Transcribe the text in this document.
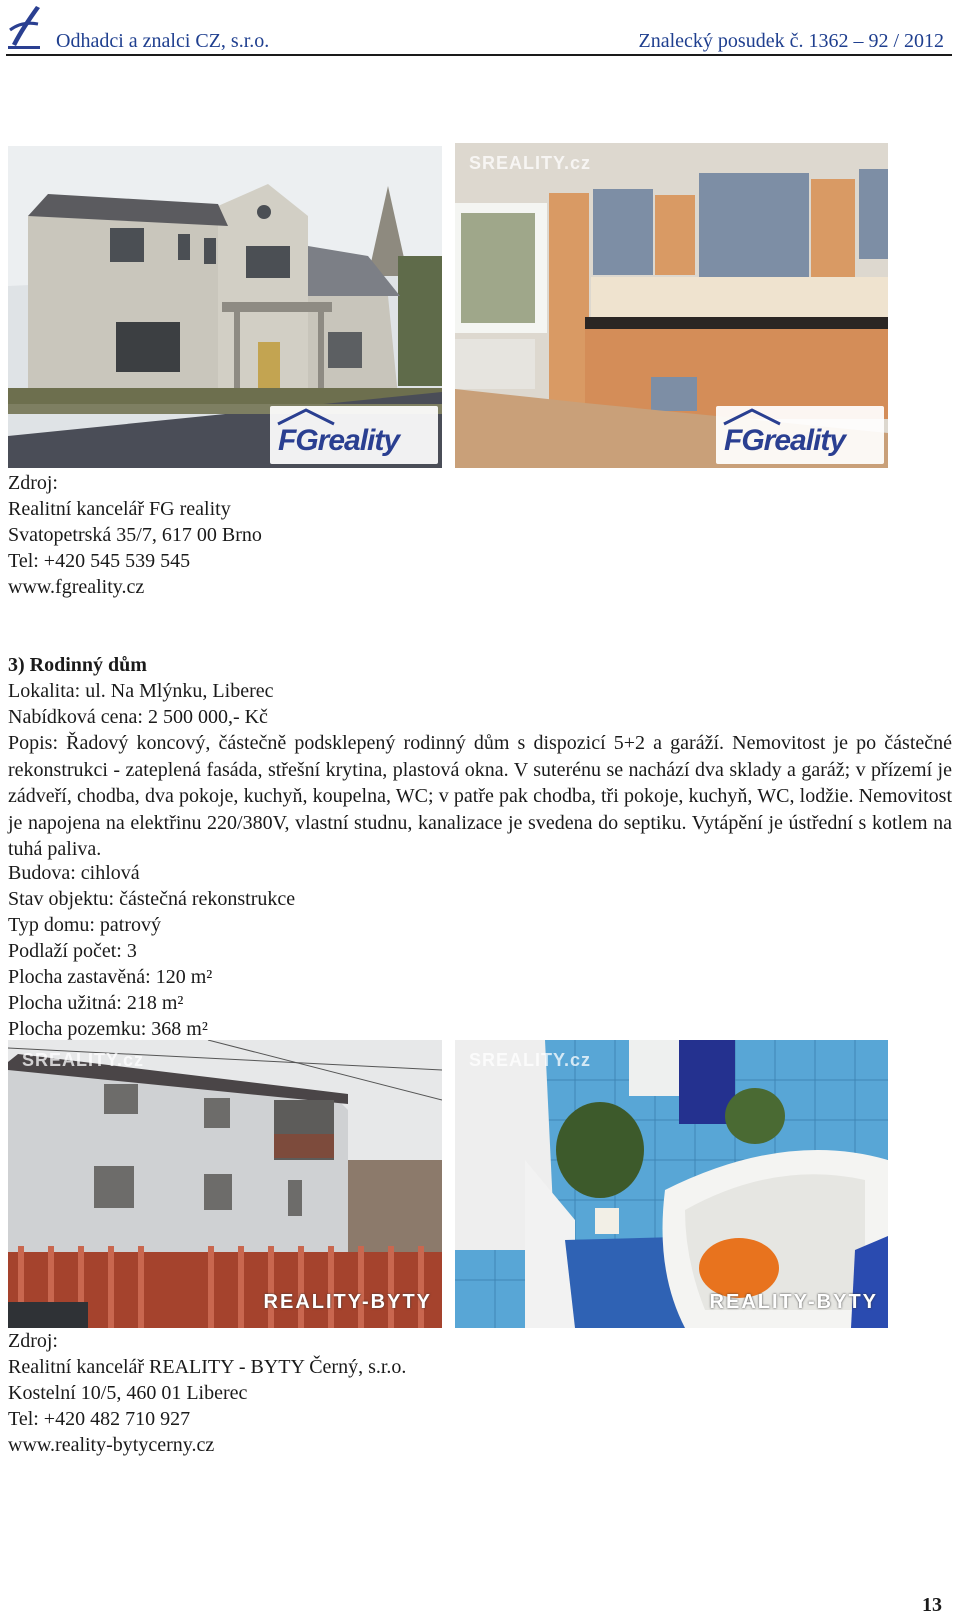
Odhadci a znalci CZ, s.r.o.	Znalecký posudek č. 1362 – 92 / 2012
FGreality
SREALITY.cz
FGreality
Zdroj:
Realitní kancelář FG reality
Svatopetrská 35/7, 617 00 Brno
Tel: +420 545 539 545
www.fgreality.cz
3) Rodinný dům
Lokalita: ul. Na Mlýnku, Liberec
Nabídková cena: 2 500 000,- Kč
Popis: Řadový koncový, částečně podsklepený rodinný dům s dispozicí 5+2 a garáží. Nemovitost je po částečné rekonstrukci - zateplená fasáda, střešní krytina, plastová okna. V suterénu se nachází dva sklady a garáž; v přízemí je zádveří, chodba, dva pokoje, kuchyň, koupelna, WC; v patře pak chodba, tři pokoje, kuchyň, WC, lodžie. Nemovitost je napojena na elektřinu 220/380V, vlastní studnu, kanalizace je svedena do septiku. Vytápění je ústřední s kotlem na tuhá paliva.
Budova: cihlová
Stav objektu: částečná rekonstrukce
Typ domu: patrový
Podlaží počet: 3
Plocha zastavěná: 120 m²
Plocha užitná: 218 m²
Plocha pozemku: 368 m²
SREALITY.cz
REALITY-BYTY
SREALITY.cz
REALITY-BYTY
Zdroj:
Realitní kancelář REALITY - BYTY Černý, s.r.o.
Kostelní 10/5, 460 01 Liberec
Tel: +420 482 710 927
www.reality-bytycerny.cz
13
